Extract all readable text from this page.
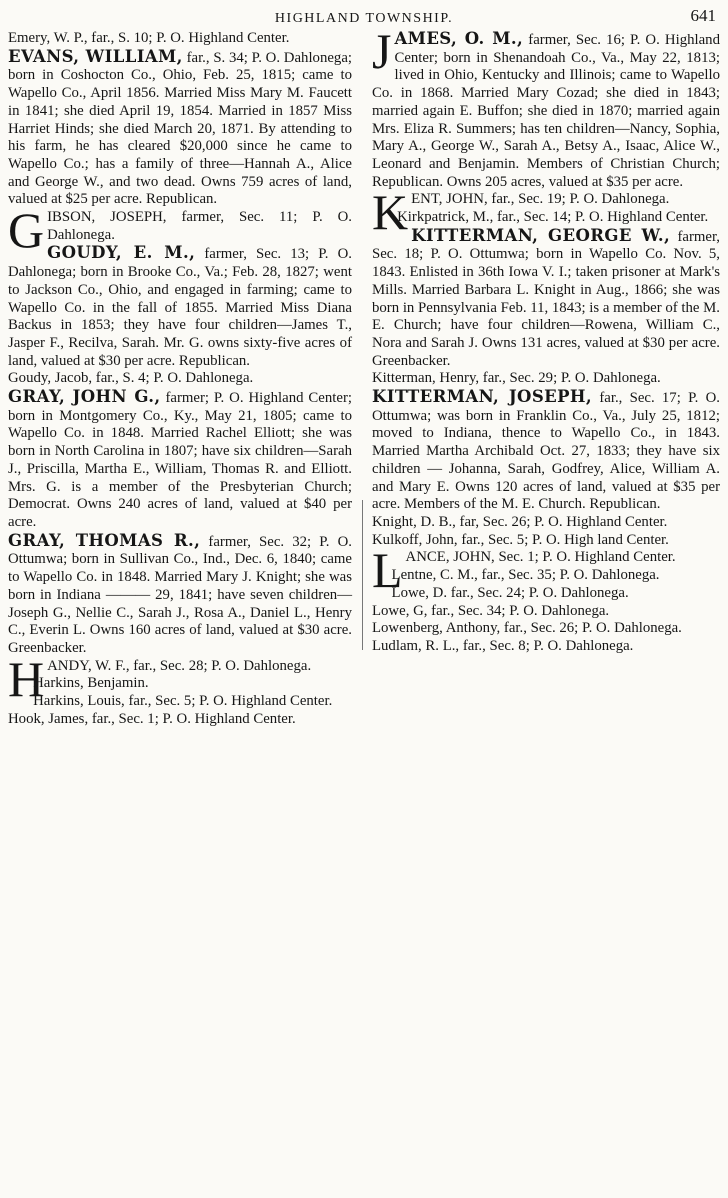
HIGHLAND TOWNSHIP.	641

Emery, W. P., far., S. 10; P. O. Highland Center.

EVANS, WILLIAM, far., S. 34; P. O. Dahlonega; born in Coshocton Co., Ohio, Feb. 25, 1815; came to Wapello Co., April 1856. Married Miss Mary M. Faucett in 1841; she died April 19, 1854. Married in 1857 Miss Harriet Hinds; she died March 20, 1871. By attending to his farm, he has cleared $20,000 since he came to Wapello Co.; has a family of three—Hannah A., Alice and George W., and two dead. Owns 759 acres of land, valued at $25 per acre. Republican.

GIBSON, JOSEPH, farmer, Sec. 11; P. O. Dahlonega.

GOUDY, E. M., farmer, Sec. 13; P. O. Dahlonega; born in Brooke Co., Va.; Feb. 28, 1827; went to Jackson Co., Ohio, and engaged in farming; came to Wapello Co. in the fall of 1855. Married Miss Diana Backus in 1853; they have four children—James T., Jasper F., Recilva, Sarah. Mr. G. owns sixty-five acres of land, valued at $30 per acre. Republican.

Goudy, Jacob, far., S. 4; P. O. Dahlonega.

GRAY, JOHN G., farmer; P. O. Highland Center; born in Montgomery Co., Ky., May 21, 1805; came to Wapello Co. in 1848. Married Rachel Elliott; she was born in North Carolina in 1807; have six children—Sarah J., Priscilla, Martha E., William, Thomas R. and Elliott. Mrs. G. is a member of the Presbyterian Church; Democrat. Owns 240 acres of land, valued at $40 per acre.

GRAY, THOMAS R., farmer, Sec. 32; P. O. Ottumwa; born in Sullivan Co., Ind., Dec. 6, 1840; came to Wapello Co. in 1848. Married Mary J. Knight; she was born in Indiana ——— 29, 1841; have seven children—Joseph G., Nellie C., Sarah J., Rosa A., Daniel L., Henry C., Everin L. Owns 160 acres of land, valued at $30 acre. Greenbacker.

HANDY, W. F., far., Sec. 28; P. O. Dahlonega.

Harkins, Benjamin.

Harkins, Louis, far., Sec. 5; P. O. Highland Center.

Hook, James, far., Sec. 1; P. O. Highland Center.

JAMES, O. M., farmer, Sec. 16; P. O. Highland Center; born in Shenandoah Co., Va., May 22, 1813; lived in Ohio, Kentucky and Illinois; came to Wapello Co. in 1868. Married Mary Cozad; she died in 1843; married again E. Buffon; she died in 1870; married again Mrs. Eliza R. Summers; has ten children—Nancy, Sophia, Mary A., George W., Sarah A., Betsy A., Isaac, Alice W., Leonard and Benjamin. Members of Christian Church; Republican. Owns 205 acres, valued at $35 per acre.

KENT, JOHN, far., Sec. 19; P. O. Dahlonega.

Kirkpatrick, M., far., Sec. 14; P. O. Highland Center.

KITTERMAN, GEORGE W., farmer, Sec. 18; P. O. Ottumwa; born in Wapello Co. Nov. 5, 1843. Enlisted in 36th Iowa V. I.; taken prisoner at Mark's Mills. Married Barbara L. Knight in Aug., 1866; she was born in Pennsylvania Feb. 11, 1843; is a member of the M. E. Church; have four children—Rowena, William C., Nora and Sarah J. Owns 131 acres, valued at $30 per acre. Greenbacker.

Kitterman, Henry, far., Sec. 29; P. O. Dahlonega.

KITTERMAN, JOSEPH, far., Sec. 17; P. O. Ottumwa; was born in Franklin Co., Va., July 25, 1812; moved to Indiana, thence to Wapello Co., in 1843. Married Martha Archibald Oct. 27, 1833; they have six children — Johanna, Sarah, Godfrey, Alice, William A. and Mary E. Owns 120 acres of land, valued at $35 per acre. Members of the M. E. Church. Republican.

Knight, D. B., far, Sec. 26; P. O. Highland Center.

Kulkoff, John, far., Sec. 5; P. O. High land Center.

LANCE, JOHN, Sec. 1; P. O. Highland Center.

Lentne, C. M., far., Sec. 35; P. O. Dahlonega.

Lowe, D. far., Sec. 24; P. O. Dahlonega.

Lowe, G, far., Sec. 34; P. O. Dahlonega.

Lowenberg, Anthony, far., Sec. 26; P. O. Dahlonega.

Ludlam, R. L., far., Sec. 8; P. O. Dahlonega.
